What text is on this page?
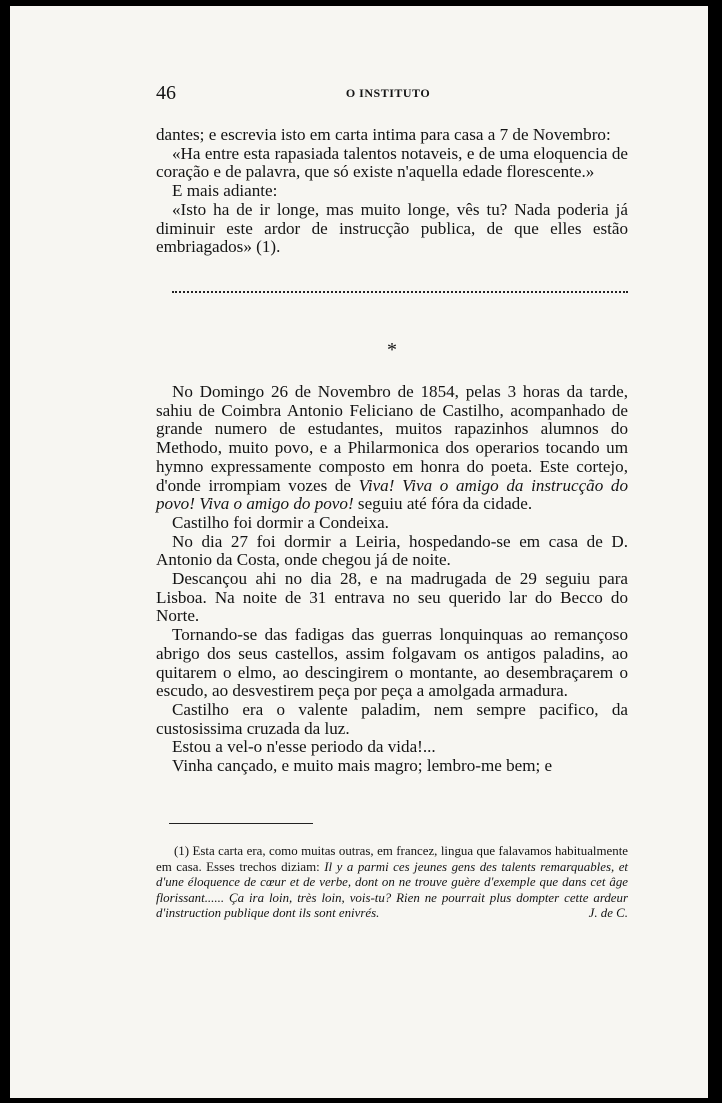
46	O INSTITUTO

dantes; e escrevia isto em carta intima para casa a 7 de Novembro:

«Ha entre esta rapasiada talentos notaveis, e de uma eloquencia de coração e de palavra, que só existe n'aquella edade florescente.»

E mais adiante:

«Isto ha de ir longe, mas muito longe, vês tu? Nada poderia já diminuir este ardor de instrucção publica, de que elles estão embriagados» (1).

*

No Domingo 26 de Novembro de 1854, pelas 3 horas da tarde, sahiu de Coimbra Antonio Feliciano de Castilho, acompanhado de grande numero de estudantes, muitos rapazinhos alumnos do Methodo, muito povo, e a Philarmonica dos operarios tocando um hymno expressamente composto em honra do poeta. Este cortejo, d'onde irrompiam vozes de Viva! Viva o amigo da instrucção do povo! Viva o amigo do povo! seguiu até fóra da cidade.

Castilho foi dormir a Condeixa.

No dia 27 foi dormir a Leiria, hospedando-se em casa de D. Antonio da Costa, onde chegou já de noite.

Descançou ahi no dia 28, e na madrugada de 29 seguiu para Lisboa. Na noite de 31 entrava no seu querido lar do Becco do Norte.

Tornando-se das fadigas das guerras lonquinquas ao remançoso abrigo dos seus castellos, assim folgavam os antigos paladins, ao quitarem o elmo, ao descingirem o montante, ao desembraçarem o escudo, ao desvestirem peça por peça a amolgada armadura.

Castilho era o valente paladim, nem sempre pacifico, da custosissima cruzada da luz.

Estou a vel-o n'esse periodo da vida!...

Vinha cançado, e muito mais magro; lembro-me bem; e

(1) Esta carta era, como muitas outras, em francez, lingua que falavamos habitualmente em casa. Esses trechos diziam: Il y a parmi ces jeunes gens des talents remarquables, et d'une éloquence de cœur et de verbe, dont on ne trouve guère d'exemple que dans cet âge florissant...... Ça ira loin, très loin, vois-tu? Rien ne pourrait plus dompter cette ardeur d'instruction publique dont ils sont enivrés.	J. de C.
